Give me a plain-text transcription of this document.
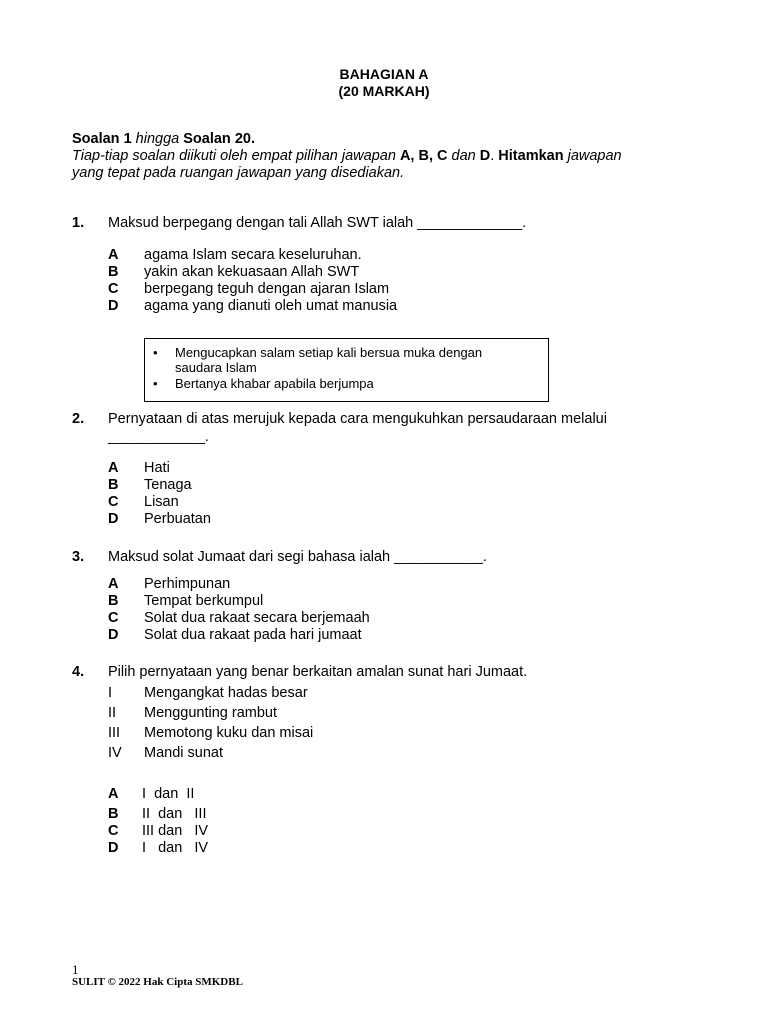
BAHAGIAN A
(20 MARKAH)
Soalan 1 hingga Soalan 20.
Tiap-tiap soalan diikuti oleh empat pilihan jawapan A, B, C dan D. Hitamkan jawapan
yang tepat pada ruangan jawapan yang disediakan.
1. Maksud berpegang dengan tali Allah SWT ialah _____________.
A agama Islam secara keseluruhan.
B yakin akan kekuasaan Allah SWT
C berpegang teguh dengan ajaran Islam
D agama yang dianuti oleh umat manusia
• Mengucapkan salam setiap kali bersua muka dengan saudara Islam
• Bertanya khabar apabila berjumpa
2. Pernyataan di atas merujuk kepada cara mengukuhkan persaudaraan melalui
____________.
A Hati
B Tenaga
C Lisan
D Perbuatan
3. Maksud solat Jumaat dari segi bahasa ialah ___________.
A Perhimpunan
B Tempat berkumpul
C Solat dua rakaat secara berjemaah
D Solat dua rakaat pada hari jumaat
4. Pilih pernyataan yang benar berkaitan amalan sunat hari Jumaat.
I Mengangkat hadas besar
II Menggunting rambut
III Memotong kuku dan misai
IV Mandi sunat
A I  dan  II
B II  dan   III
C III dan   IV
D I   dan   IV
1
SULIT © 2022 Hak Cipta SMKDBL
